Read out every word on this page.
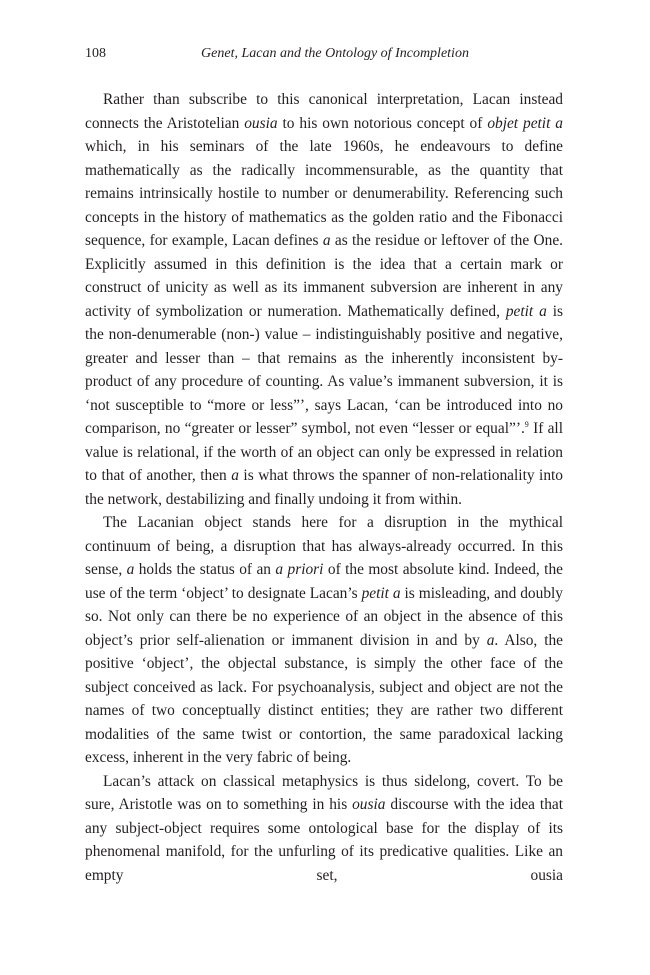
108	Genet, Lacan and the Ontology of Incompletion

Rather than subscribe to this canonical interpretation, Lacan instead connects the Aristotelian ousia to his own notorious concept of objet petit a which, in his seminars of the late 1960s, he endeavours to define mathematically as the radically incommensurable, as the quantity that remains intrinsically hostile to number or denumerability. Referencing such concepts in the history of mathematics as the golden ratio and the Fibonacci sequence, for example, Lacan defines a as the residue or leftover of the One. Explicitly assumed in this definition is the idea that a certain mark or construct of unicity as well as its immanent subversion are inherent in any activity of symbolization or numeration. Mathematically defined, petit a is the non-denumerable (non-) value – indistinguishably positive and negative, greater and lesser than – that remains as the inherently inconsistent by-product of any procedure of counting. As value’s immanent subversion, it is ‘not susceptible to “more or less”’, says Lacan, ‘can be introduced into no comparison, no “greater or lesser” symbol, not even “lesser or equal”’.$^9$ If all value is relational, if the worth of an object can only be expressed in relation to that of another, then a is what throws the spanner of non-relationality into the network, destabilizing and finally undoing it from within.

The Lacanian object stands here for a disruption in the mythical continuum of being, a disruption that has always-already occurred. In this sense, a holds the status of an a priori of the most absolute kind. Indeed, the use of the term ‘object’ to designate Lacan’s petit a is misleading, and doubly so. Not only can there be no experience of an object in the absence of this object’s prior self-alienation or immanent division in and by a. Also, the positive ‘object’, the objectal substance, is simply the other face of the subject conceived as lack. For psychoanalysis, subject and object are not the names of two conceptually distinct entities; they are rather two different modalities of the same twist or contortion, the same paradoxical lacking excess, inherent in the very fabric of being.

Lacan’s attack on classical metaphysics is thus sidelong, covert. To be sure, Aristotle was on to something in his ousia discourse with the idea that any subject-object requires some ontological base for the display of its phenomenal manifold, for the unfurling of its predicative qualities. Like an empty set, ousia
